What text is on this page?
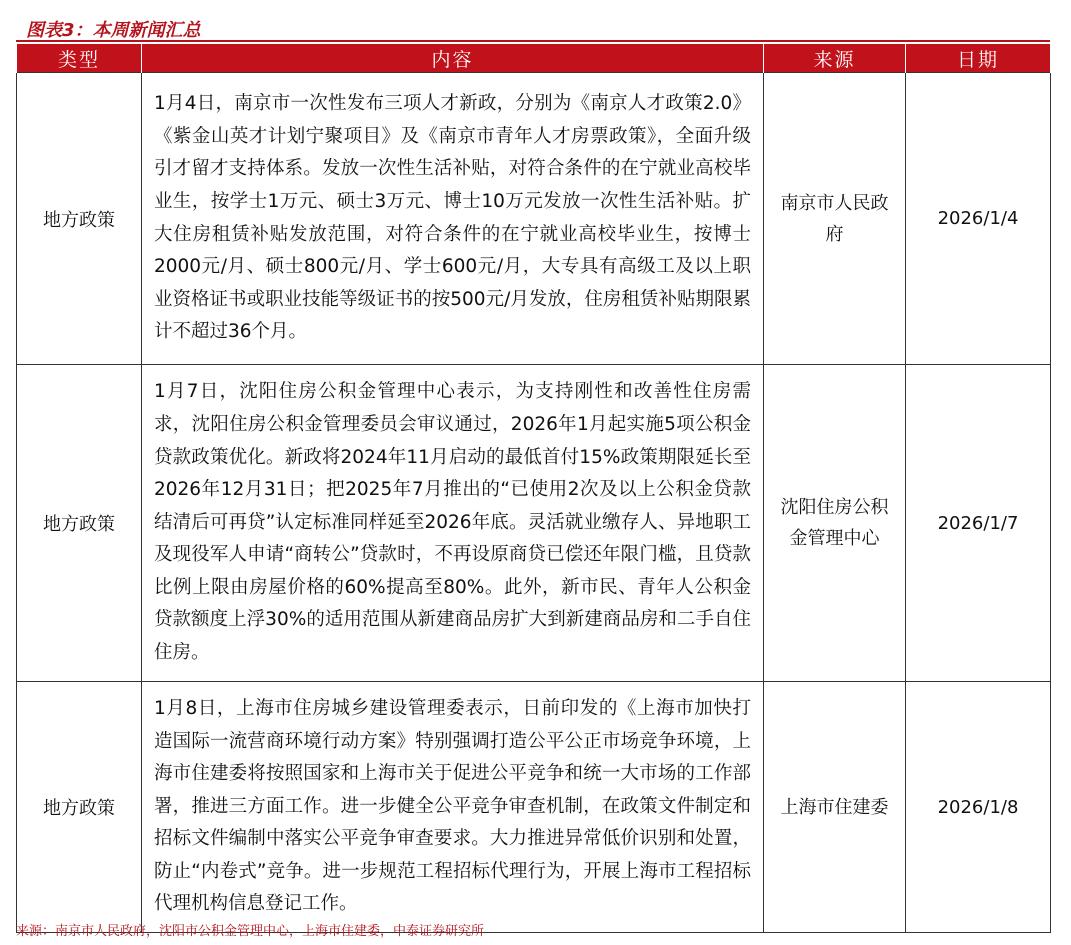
图表3：本周新闻汇总
类型	内容	来源	日期
地方政策	1月4日，南京市一次性发布三项人才新政，分别为《南京人才政策2.0》《紫金山英才计划宁聚项目》及《南京市青年人才房票政策》，全面升级引才留才支持体系。发放一次性生活补贴，对符合条件的在宁就业高校毕业生，按学士1万元、硕士3万元、博士10万元发放一次性生活补贴。扩大住房租赁补贴发放范围，对符合条件的在宁就业高校毕业生，按博士2000元/月、硕士800元/月、学士600元/月，大专具有高级工及以上职业资格证书或职业技能等级证书的按500元/月发放，住房租赁补贴期限累计不超过36个月。	南京市人民政府	2026/1/4
地方政策	1月7日，沈阳住房公积金管理中心表示，为支持刚性和改善性住房需求，沈阳住房公积金管理委员会审议通过，2026年1月起实施5项公积金贷款政策优化。新政将2024年11月启动的最低首付15%政策期限延长至2026年12月31日；把2025年7月推出的“已使用2次及以上公积金贷款结清后可再贷”认定标准同样延至2026年底。灵活就业缴存人、异地职工及现役军人申请“商转公”贷款时，不再设原商贷已偿还年限门槛，且贷款比例上限由房屋价格的60%提高至80%。此外，新市民、青年人公积金贷款额度上浮30%的适用范围从新建商品房扩大到新建商品房和二手自住住房。	沈阳住房公积金管理中心	2026/1/7
地方政策	1月8日，上海市住房城乡建设管理委表示，日前印发的《上海市加快打造国际一流营商环境行动方案》特别强调打造公平公正市场竞争环境，上海市住建委将按照国家和上海市关于促进公平竞争和统一大市场的工作部署，推进三方面工作。进一步健全公平竞争审查机制，在政策文件制定和招标文件编制中落实公平竞争审查要求。大力推进异常低价识别和处置，防止“内卷式”竞争。进一步规范工程招标代理行为，开展上海市工程招标代理机构信息登记工作。	上海市住建委	2026/1/8
来源：南京市人民政府，沈阳市公积金管理中心，上海市住建委，中泰证券研究所
